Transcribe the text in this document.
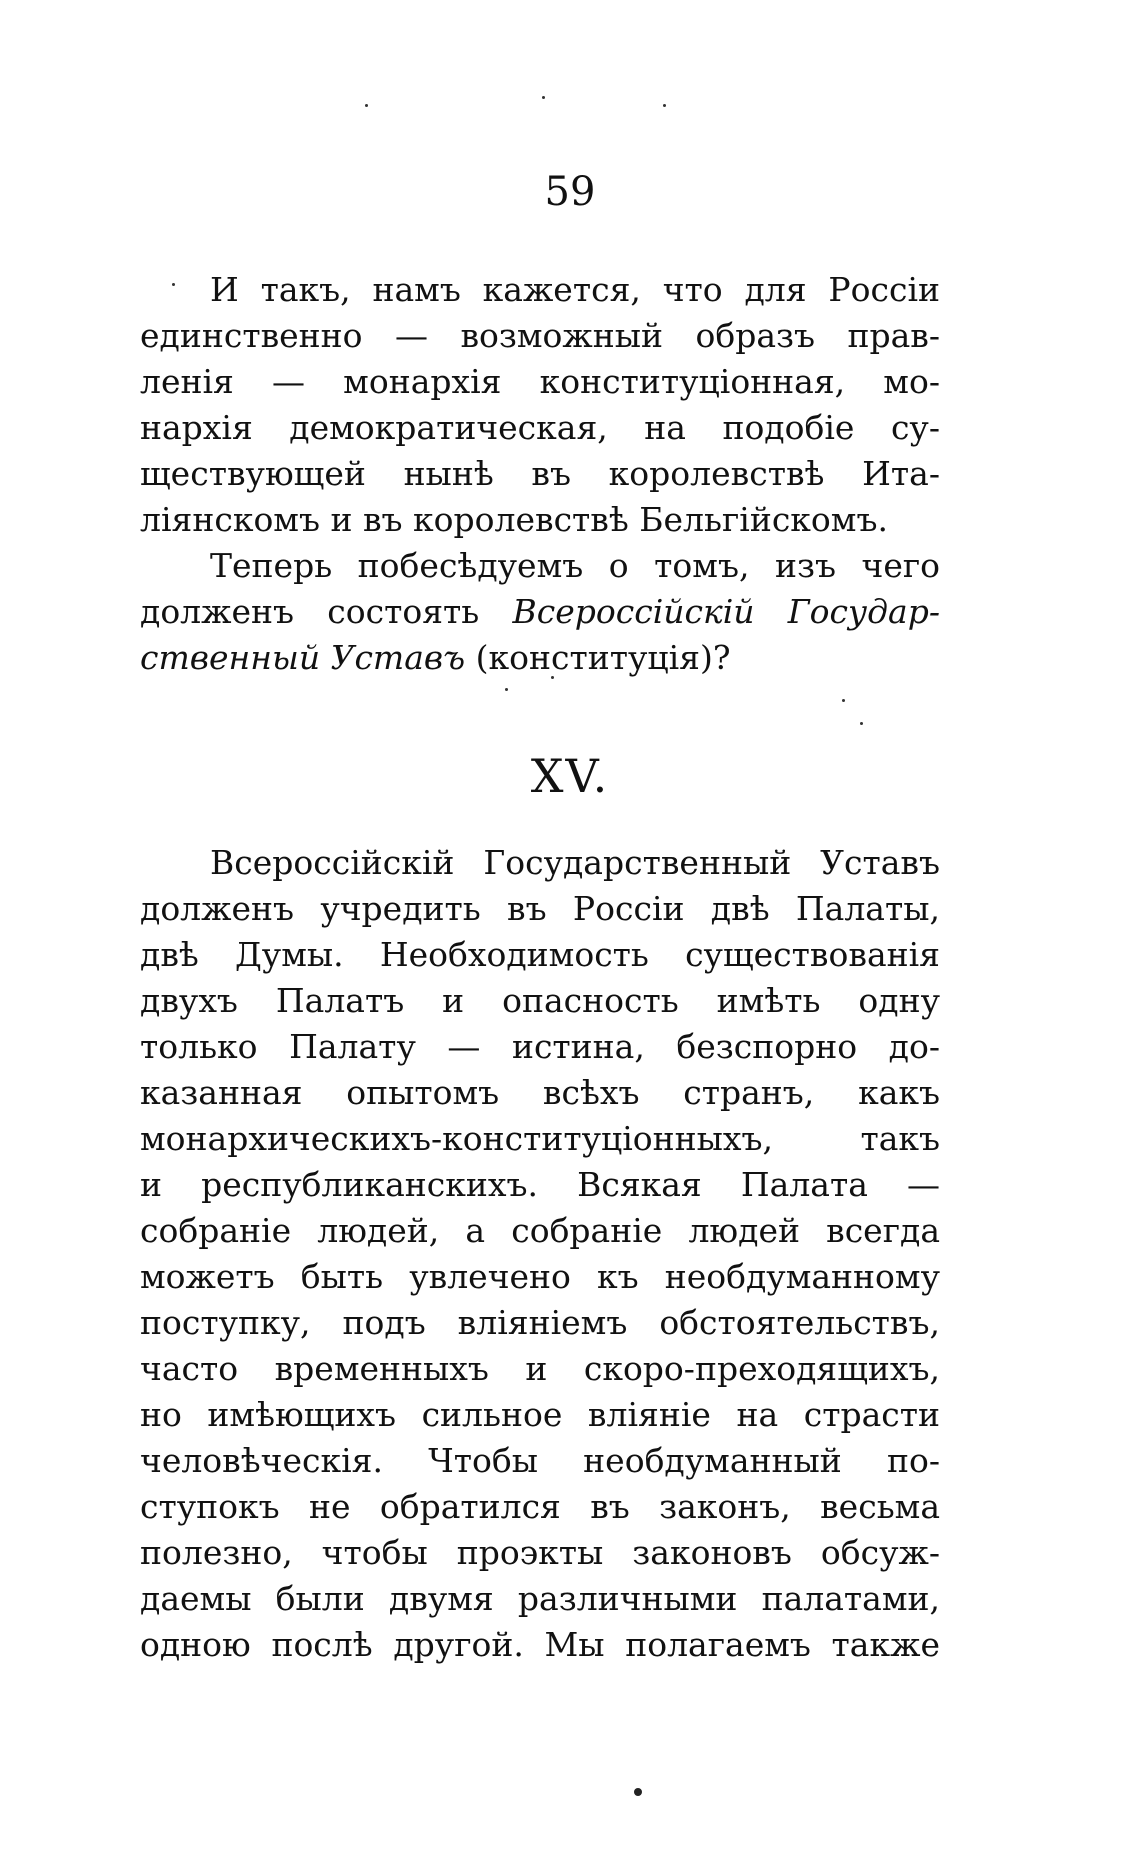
59
И такъ, намъ кажется, что для Россіи
единственно — возможный образъ прав-
ленія — монархія конституціонная, мо-
нархія демократическая, на подобіе су-
ществующей нынѣ въ королевствѣ Ита-
ліянскомъ и въ королевствѣ Бельгійскомъ.
Теперь побесѣдуемъ о томъ, изъ чего
долженъ состоять Всероссійскій Государ-
ственный Уставъ (конституція)?
XV.
Всероссійскій Государственный Уставъ
долженъ учредить въ Россіи двѣ Палаты,
двѣ Думы. Необходимость существованія
двухъ Палатъ и опасность имѣть одну
только Палату — истина, безспорно до-
казанная опытомъ всѣхъ странъ, какъ
монархическихъ-конституціонныхъ, такъ
и республиканскихъ. Всякая Палата —
собраніе людей, а собраніе людей всегда
можетъ быть увлечено къ необдуманному
поступку, подъ вліяніемъ обстоятельствъ,
часто временныхъ и скоро-преходящихъ,
но имѣющихъ сильное вліяніе на страсти
человѣческія. Чтобы необдуманный по-
ступокъ не обратился въ законъ, весьма
полезно, чтобы проэкты законовъ обсуж-
даемы были двумя различными палатами,
одною послѣ другой. Мы полагаемъ также
